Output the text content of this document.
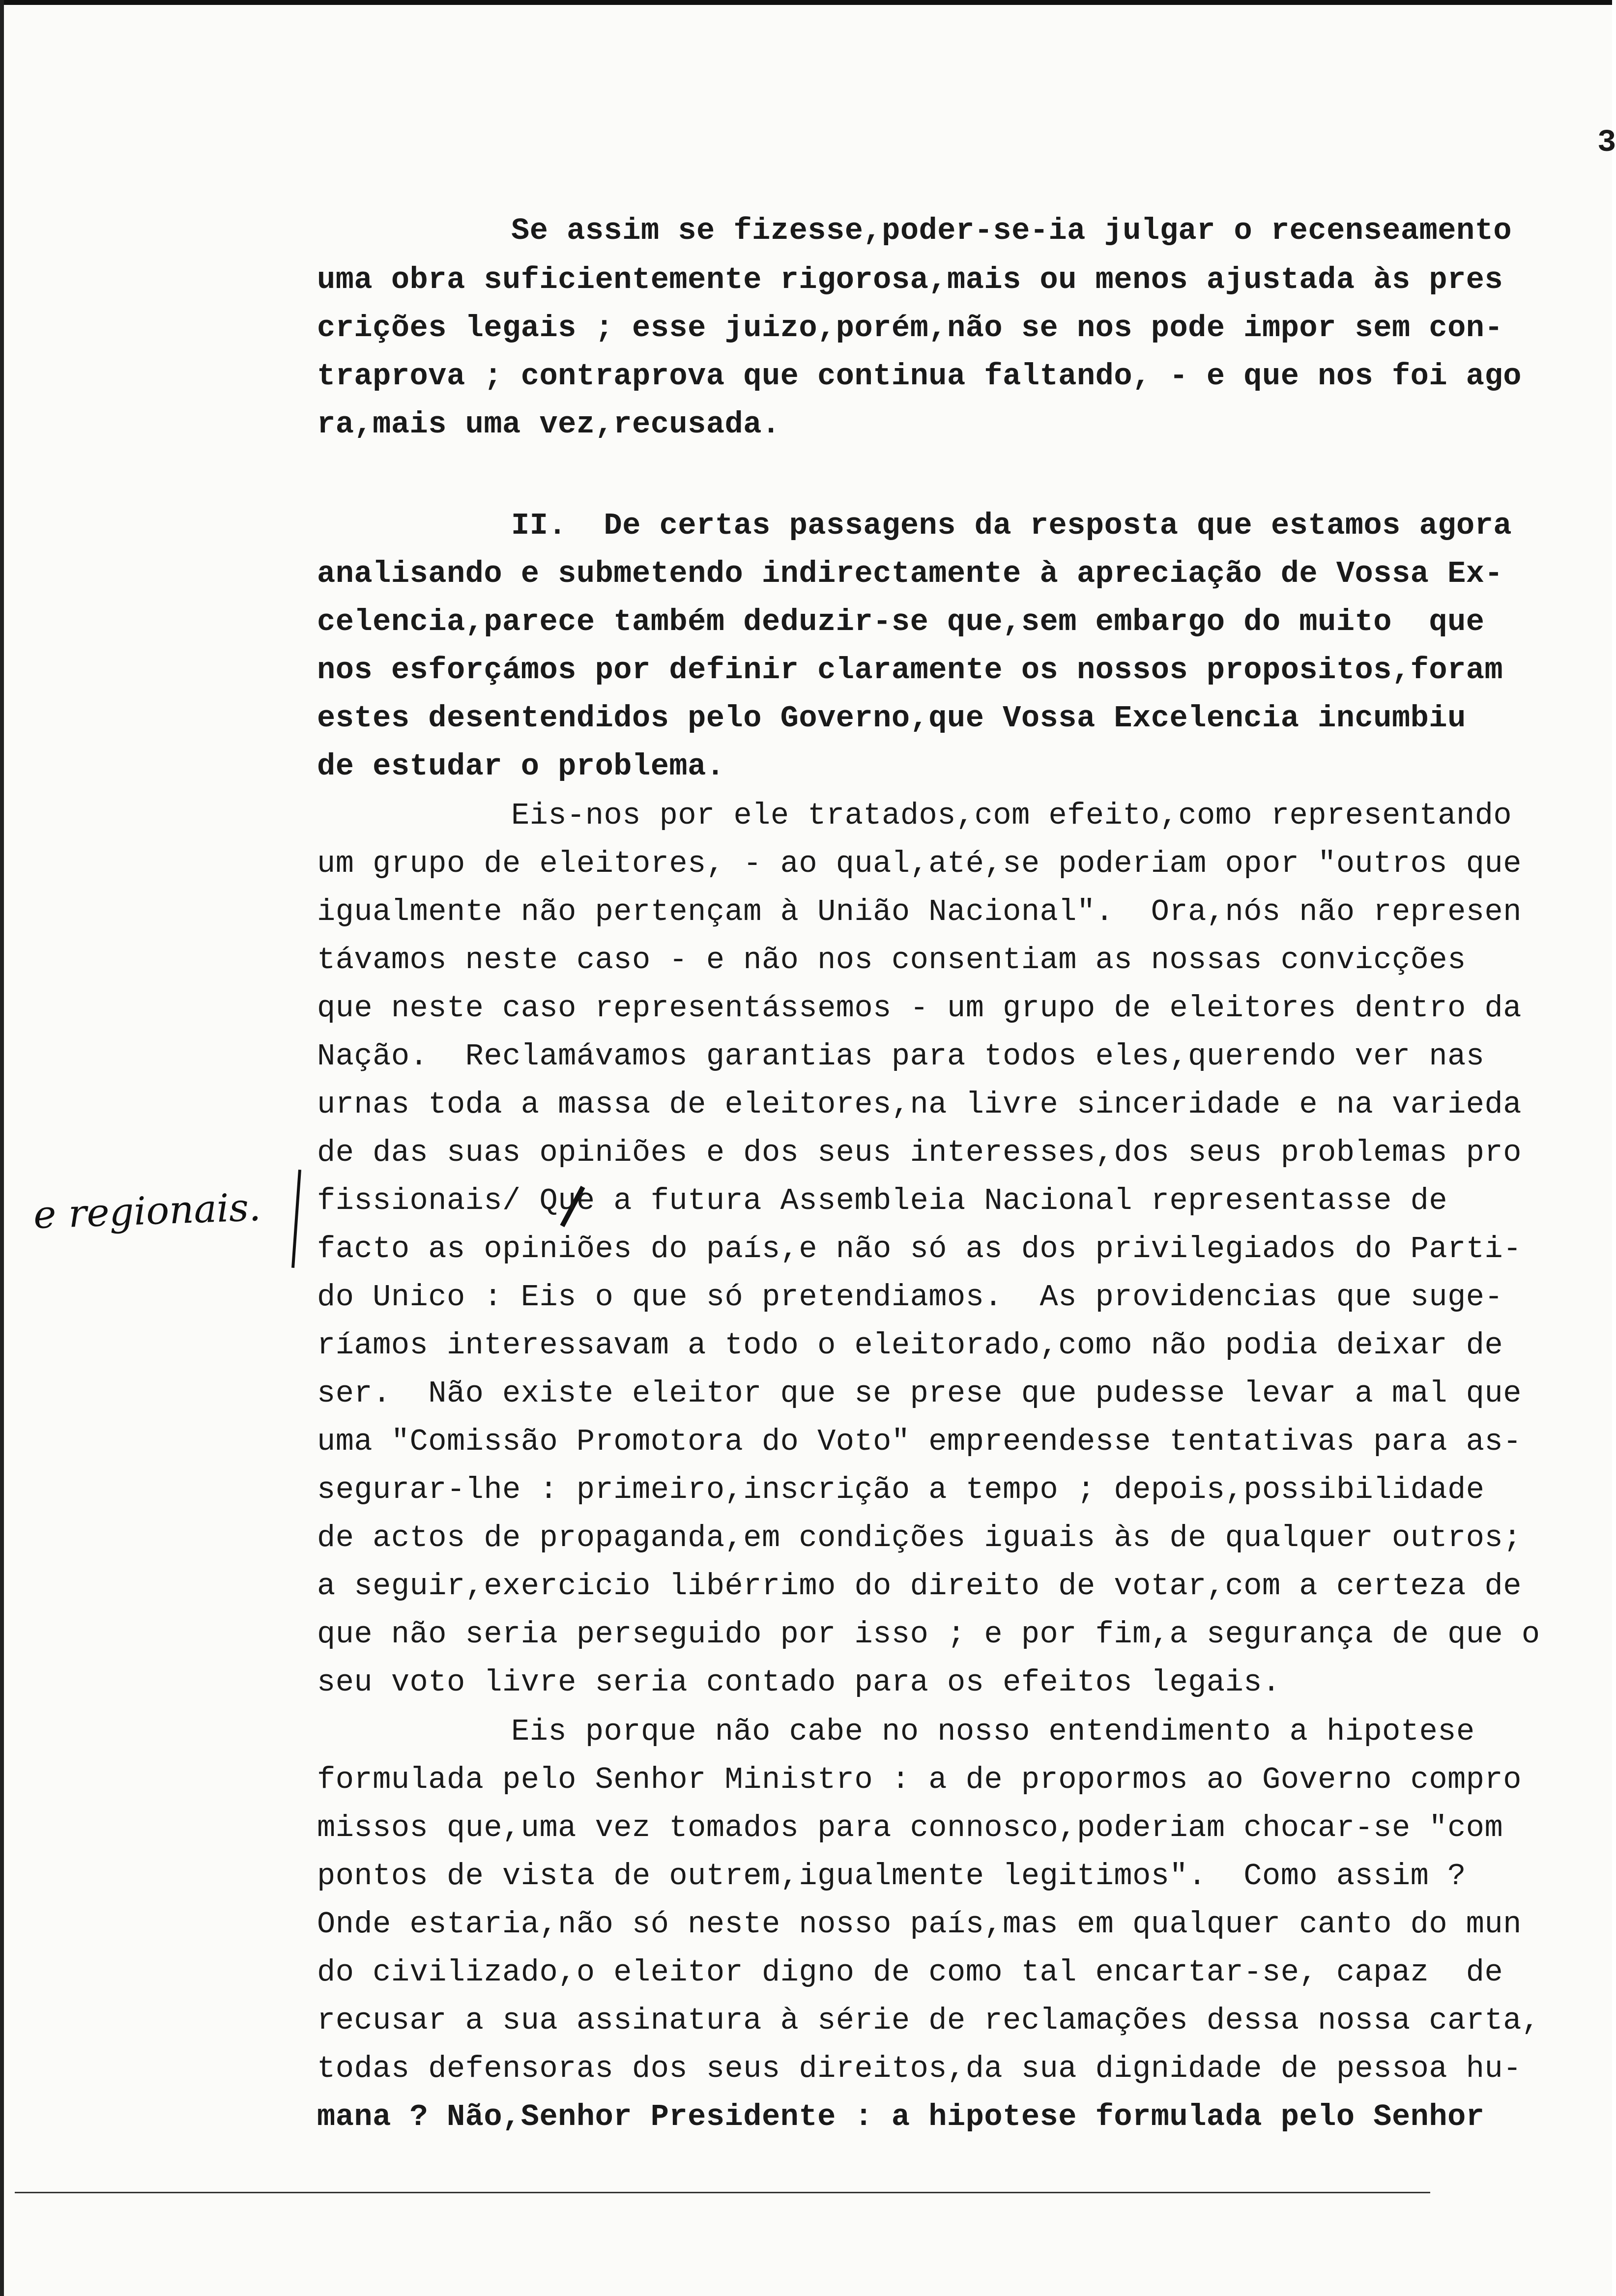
3
e regionais.
Se assim se fizesse,poder-se-ia julgar o recenseamento
uma obra suficientemente rigorosa,mais ou menos ajustada às pres
crições legais ; esse juizo,porém,não se nos pode impor sem con-
traprova ; contraprova que continua faltando, - e que nos foi ago
ra,mais uma vez,recusada.
II.  De certas passagens da resposta que estamos agora
analisando e submetendo indirectamente à apreciação de Vossa Ex-
celencia,parece também deduzir-se que,sem embargo do muito  que
nos esforçámos por definir claramente os nossos propositos,foram
estes desentendidos pelo Governo,que Vossa Excelencia incumbiu
de estudar o problema.
Eis-nos por ele tratados,com efeito,como representando
um grupo de eleitores, - ao qual,até,se poderiam opor "outros que
igualmente não pertençam à União Nacional".  Ora,nós não represen
távamos neste caso - e não nos consentiam as nossas convicções
que neste caso representássemos - um grupo de eleitores dentro da
Nação.  Reclamávamos garantias para todos eles,querendo ver nas
urnas toda a massa de eleitores,na livre sinceridade e na varieda
de das suas opiniões e dos seus interesses,dos seus problemas pro
fissionais/ Que a futura Assembleia Nacional representasse de
facto as opiniões do país,e não só as dos privilegiados do Parti-
do Unico : Eis o que só pretendiamos.  As providencias que suge-
ríamos interessavam a todo o eleitorado,como não podia deixar de
ser.  Não existe eleitor que se prese que pudesse levar a mal que
uma "Comissão Promotora do Voto" empreendesse tentativas para as-
segurar-lhe : primeiro,inscrição a tempo ; depois,possibilidade
de actos de propaganda,em condições iguais às de qualquer outros;
a seguir,exercicio libérrimo do direito de votar,com a certeza de
que não seria perseguido por isso ; e por fim,a segurança de que o
seu voto livre seria contado para os efeitos legais.
Eis porque não cabe no nosso entendimento a hipotese
formulada pelo Senhor Ministro : a de propormos ao Governo compro
missos que,uma vez tomados para connosco,poderiam chocar-se "com
pontos de vista de outrem,igualmente legitimos".  Como assim ?
Onde estaria,não só neste nosso país,mas em qualquer canto do mun
do civilizado,o eleitor digno de como tal encartar-se, capaz  de
recusar a sua assinatura à série de reclamações dessa nossa carta,
todas defensoras dos seus direitos,da sua dignidade de pessoa hu-
mana ? Não,Senhor Presidente : a hipotese formulada pelo Senhor
